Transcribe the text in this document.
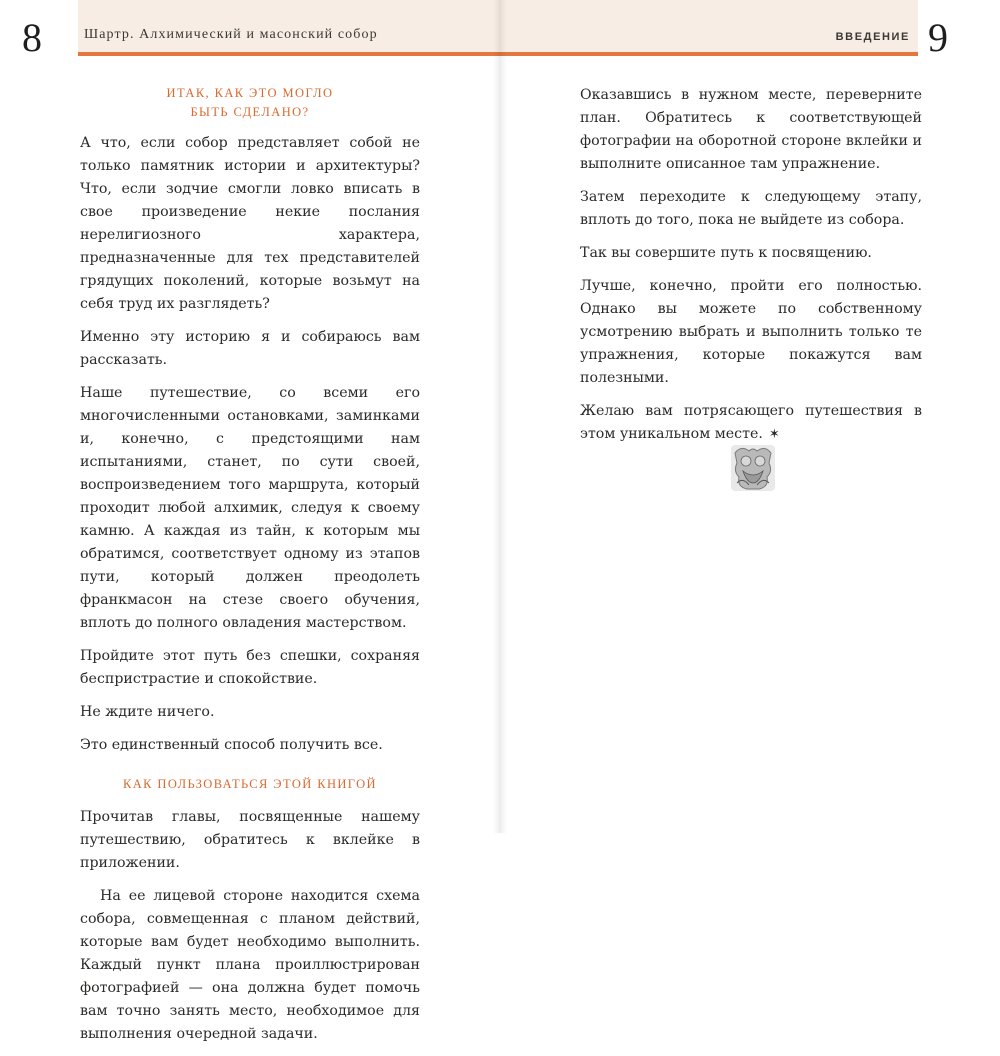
8	Шартр. Алхимический и масонский собор	9
ВВЕДЕНИЕ
ИТАК, КАК ЭТО МОГЛО
БЫТЬ СДЕЛАНО?

А что, если собор представляет собой не только памятник истории и архитектуры? Что, если зодчие смогли ловко вписать в свое произведение некие послания нерелигиозного характера, предназначенные для тех представителей грядущих поколений, которые возьмут на себя труд их разглядеть?

Именно эту историю я и собираюсь вам рассказать.

Наше путешествие, со всеми его многочисленными остановками, заминками и, конечно, с предстоящими нам испытаниями, станет, по сути своей, воспроизведением того маршрута, который проходит любой алхимик, следуя к своему камню. А каждая из тайн, к которым мы обратимся, соответствует одному из этапов пути, который должен преодолеть франкмасон на стезе своего обучения, вплоть до полного овладения мастерством.

Пройдите этот путь без спешки, сохраняя беспристрастие и спокойствие.

Не ждите ничего.

Это единственный способ получить все.

КАК ПОЛЬЗОВАТЬСЯ ЭТОЙ КНИГОЙ

Прочитав главы, посвященные нашему путешествию, обратитесь к вклейке в приложении.

На ее лицевой стороне находится схема собора, совмещенная с планом действий, которые вам будет необходимо выполнить. Каждый пункт плана проиллюстрирован фотографией — она должна будет помочь вам точно занять место, необходимое для выполнения очередной задачи.

Оказавшись в нужном месте, переверните план. Обратитесь к соответствующей фотографии на оборотной стороне вклейки и выполните описанное там упражнение.

Затем переходите к следующему этапу, вплоть до того, пока не выйдете из собора.

Так вы совершите путь к посвящению.

Лучше, конечно, пройти его полностью. Однако вы можете по собственному усмотрению выбрать и выполнить только те упражнения, которые покажутся вам полезными.

Желаю вам потрясающего путешествия в этом уникальном месте. ✶
